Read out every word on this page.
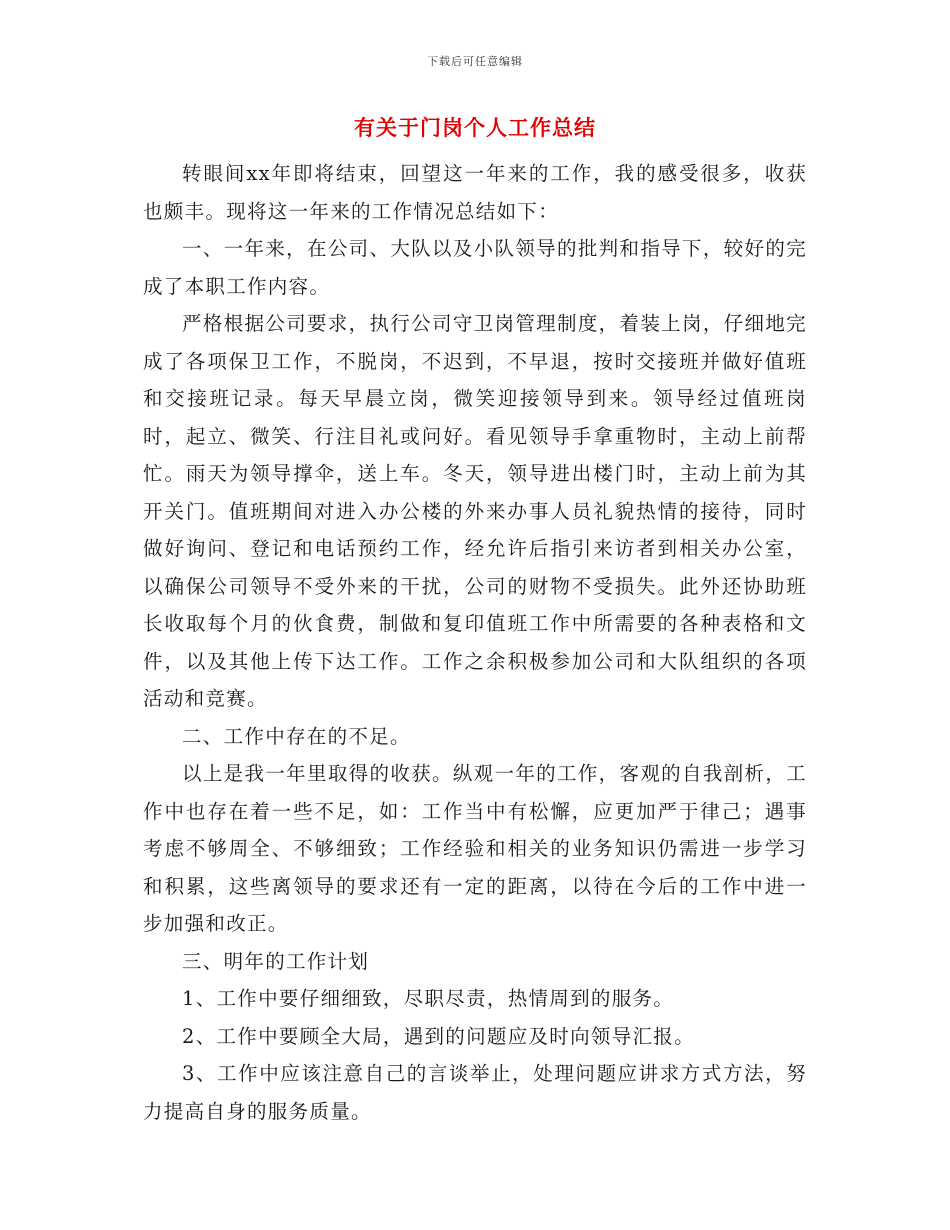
下载后可任意编辑
有关于门岗个人工作总结

转眼间xx年即将结束，回望这一年来的工作，我的感受很多，收获也颇丰。现将这一年来的工作情况总结如下：

一、一年来，在公司、大队以及小队领导的批判和指导下，较好的完成了本职工作内容。

严格根据公司要求，执行公司守卫岗管理制度，着装上岗，仔细地完成了各项保卫工作，不脱岗，不迟到，不早退，按时交接班并做好值班和交接班记录。每天早晨立岗，微笑迎接领导到来。领导经过值班岗时，起立、微笑、行注目礼或问好。看见领导手拿重物时，主动上前帮忙。雨天为领导撑伞，送上车。冬天，领导进出楼门时，主动上前为其开关门。值班期间对进入办公楼的外来办事人员礼貌热情的接待，同时做好询问、登记和电话预约工作，经允许后指引来访者到相关办公室，以确保公司领导不受外来的干扰，公司的财物不受损失。此外还协助班长收取每个月的伙食费，制做和复印值班工作中所需要的各种表格和文件，以及其他上传下达工作。工作之余积极参加公司和大队组织的各项活动和竞赛。

二、工作中存在的不足。

以上是我一年里取得的收获。纵观一年的工作，客观的自我剖析，工作中也存在着一些不足，如：工作当中有松懈，应更加严于律己；遇事考虑不够周全、不够细致；工作经验和相关的业务知识仍需进一步学习和积累，这些离领导的要求还有一定的距离，以待在今后的工作中进一步加强和改正。

三、明年的工作计划

1、工作中要仔细细致，尽职尽责，热情周到的服务。

2、工作中要顾全大局，遇到的问题应及时向领导汇报。

3、工作中应该注意自己的言谈举止，处理问题应讲求方式方法，努力提高自身的服务质量。
